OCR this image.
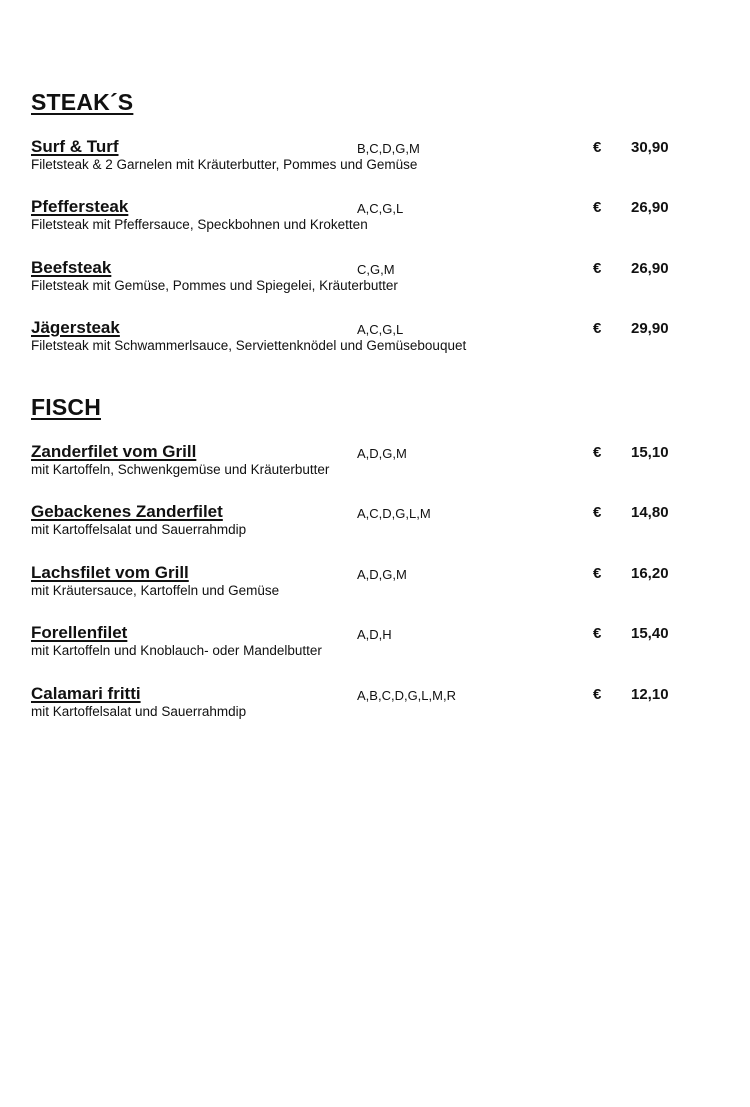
STEAK´S
Surf & Turf	B,C,D,G,M	€ 30,90
Filetsteak & 2 Garnelen mit Kräuterbutter, Pommes und Gemüse
Pfeffersteak	A,C,G,L	€ 26,90
Filetsteak mit Pfeffersauce, Speckbohnen und Kroketten
Beefsteak	C,G,M	€ 26,90
Filetsteak mit Gemüse, Pommes und Spiegelei, Kräuterbutter
Jägersteak	A,C,G,L	€ 29,90
Filetsteak mit Schwammerlsauce, Serviettenknödel und Gemüsebouquet
FISCH
Zanderfilet vom Grill	A,D,G,M	€ 15,10
mit Kartoffeln, Schwenkgemüse und Kräuterbutter
Gebackenes Zanderfilet	A,C,D,G,L,M	€ 14,80
mit Kartoffelsalat und Sauerrahmdip
Lachsfilet vom Grill	A,D,G,M	€ 16,20
mit Kräutersauce, Kartoffeln und Gemüse
Forellenfilet	A,D,H	€ 15,40
mit Kartoffeln und Knoblauch- oder Mandelbutter
Calamari fritti	A,B,C,D,G,L,M,R	€ 12,10
mit Kartoffelsalat und Sauerrahmdip
